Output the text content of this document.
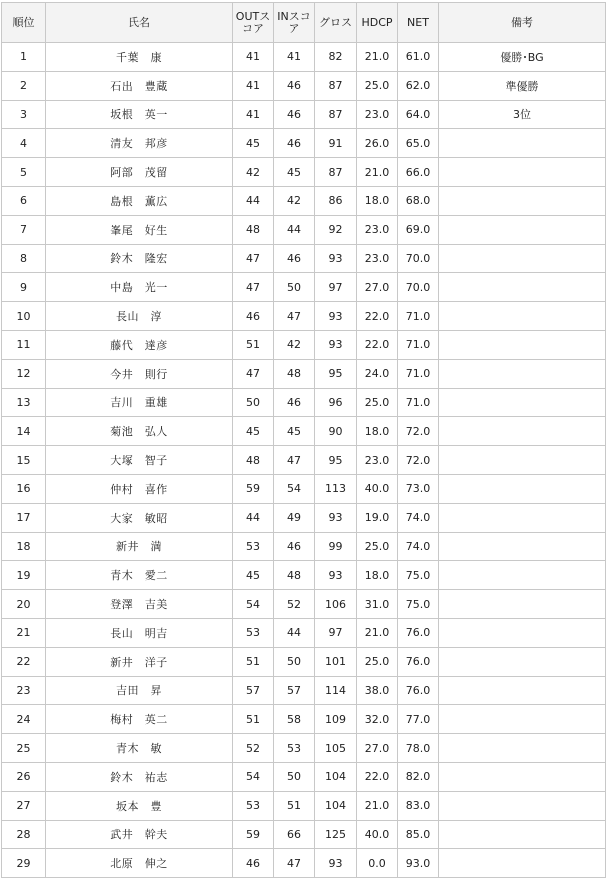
順位	氏名	OUTスコア	INスコア	グロス	HDCP	NET	備考
1	千葉　康	41	41	82	21.0	61.0	優勝･BG
2	石出　豊蔵	41	46	87	25.0	62.0	準優勝
3	坂根　英一	41	46	87	23.0	64.0	3位
4	清友　邦彦	45	46	91	26.0	65.0	
5	阿部　茂留	42	45	87	21.0	66.0	
6	島根　薫広	44	42	86	18.0	68.0	
7	峯尾　好生	48	44	92	23.0	69.0	
8	鈴木　隆宏	47	46	93	23.0	70.0	
9	中島　光一	47	50	97	27.0	70.0	
10	長山　淳	46	47	93	22.0	71.0	
11	藤代　達彦	51	42	93	22.0	71.0	
12	今井　則行	47	48	95	24.0	71.0	
13	吉川　重雄	50	46	96	25.0	71.0	
14	菊池　弘人	45	45	90	18.0	72.0	
15	大塚　智子	48	47	95	23.0	72.0	
16	仲村　喜作	59	54	113	40.0	73.0	
17	大家　敏昭	44	49	93	19.0	74.0	
18	新井　満	53	46	99	25.0	74.0	
19	青木　愛二	45	48	93	18.0	75.0	
20	登澤　吉美	54	52	106	31.0	75.0	
21	長山　明吉	53	44	97	21.0	76.0	
22	新井　洋子	51	50	101	25.0	76.0	
23	吉田　昇	57	57	114	38.0	76.0	
24	梅村　英二	51	58	109	32.0	77.0	
25	青木　敏	52	53	105	27.0	78.0	
26	鈴木　祐志	54	50	104	22.0	82.0	
27	坂本　豊	53	51	104	21.0	83.0	
28	武井　幹夫	59	66	125	40.0	85.0	
29	北原　伸之	46	47	93	0.0	93.0	
